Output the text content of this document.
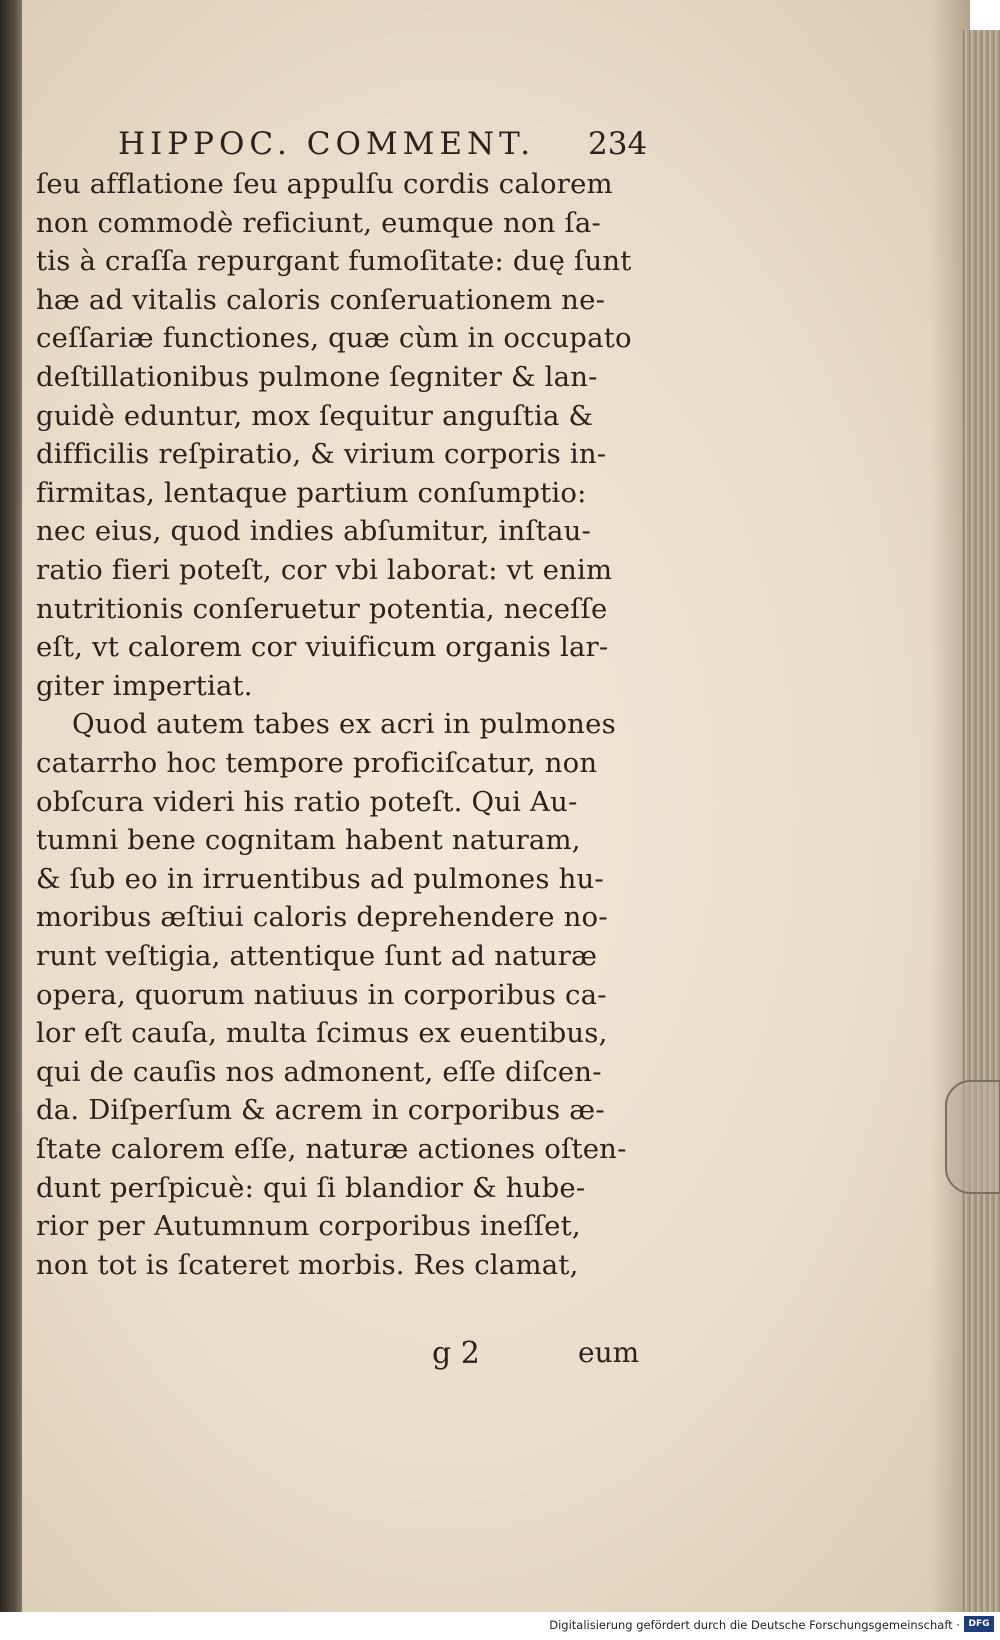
HIPPOC. COMMENT. 234
ſeu afflatione ſeu appulſu cordis calorem
non commodè reficiunt, eumque non ſa-
tis à craſſa repurgant fumoſitate: duę ſunt
hæ ad vitalis caloris conſeruationem ne-
ceſſariæ functiones, quæ cùm in occupato
deſtillationibus pulmone ſegniter & lan-
guidè eduntur, mox ſequitur anguſtia &
difficilis reſpiratio, & virium corporis in-
firmitas, lentaque partium conſumptio:
nec eius, quod indies abſumitur, inſtau-
ratio fieri poteſt, cor vbi laborat: vt enim
nutritionis conſeruetur potentia, neceſſe
eſt, vt calorem cor viuificum organis lar-
giter impertiat.
Quod autem tabes ex acri in pulmones
catarrho hoc tempore proficiſcatur, non
obſcura videri his ratio poteſt. Qui Au-
tumni bene cognitam habent naturam,
& ſub eo in irruentibus ad pulmones hu-
moribus æſtiui caloris deprehendere no-
runt veſtigia, attentique ſunt ad naturæ
opera, quorum natiuus in corporibus ca-
lor eſt cauſa, multa ſcimus ex euentibus,
qui de cauſis nos admonent, eſſe diſcen-
da. Diſperſum & acrem in corporibus æ-
ſtate calorem eſſe, naturæ actiones oſten-
dunt perſpicuè: qui ſi blandior & hube-
rior per Autumnum corporibus ineſſet,
non tot is ſcateret morbis. Res clamat,
g 2	eum
Digitalisierung gefördert durch die Deutsche Forschungsgemeinschaft · DFG
